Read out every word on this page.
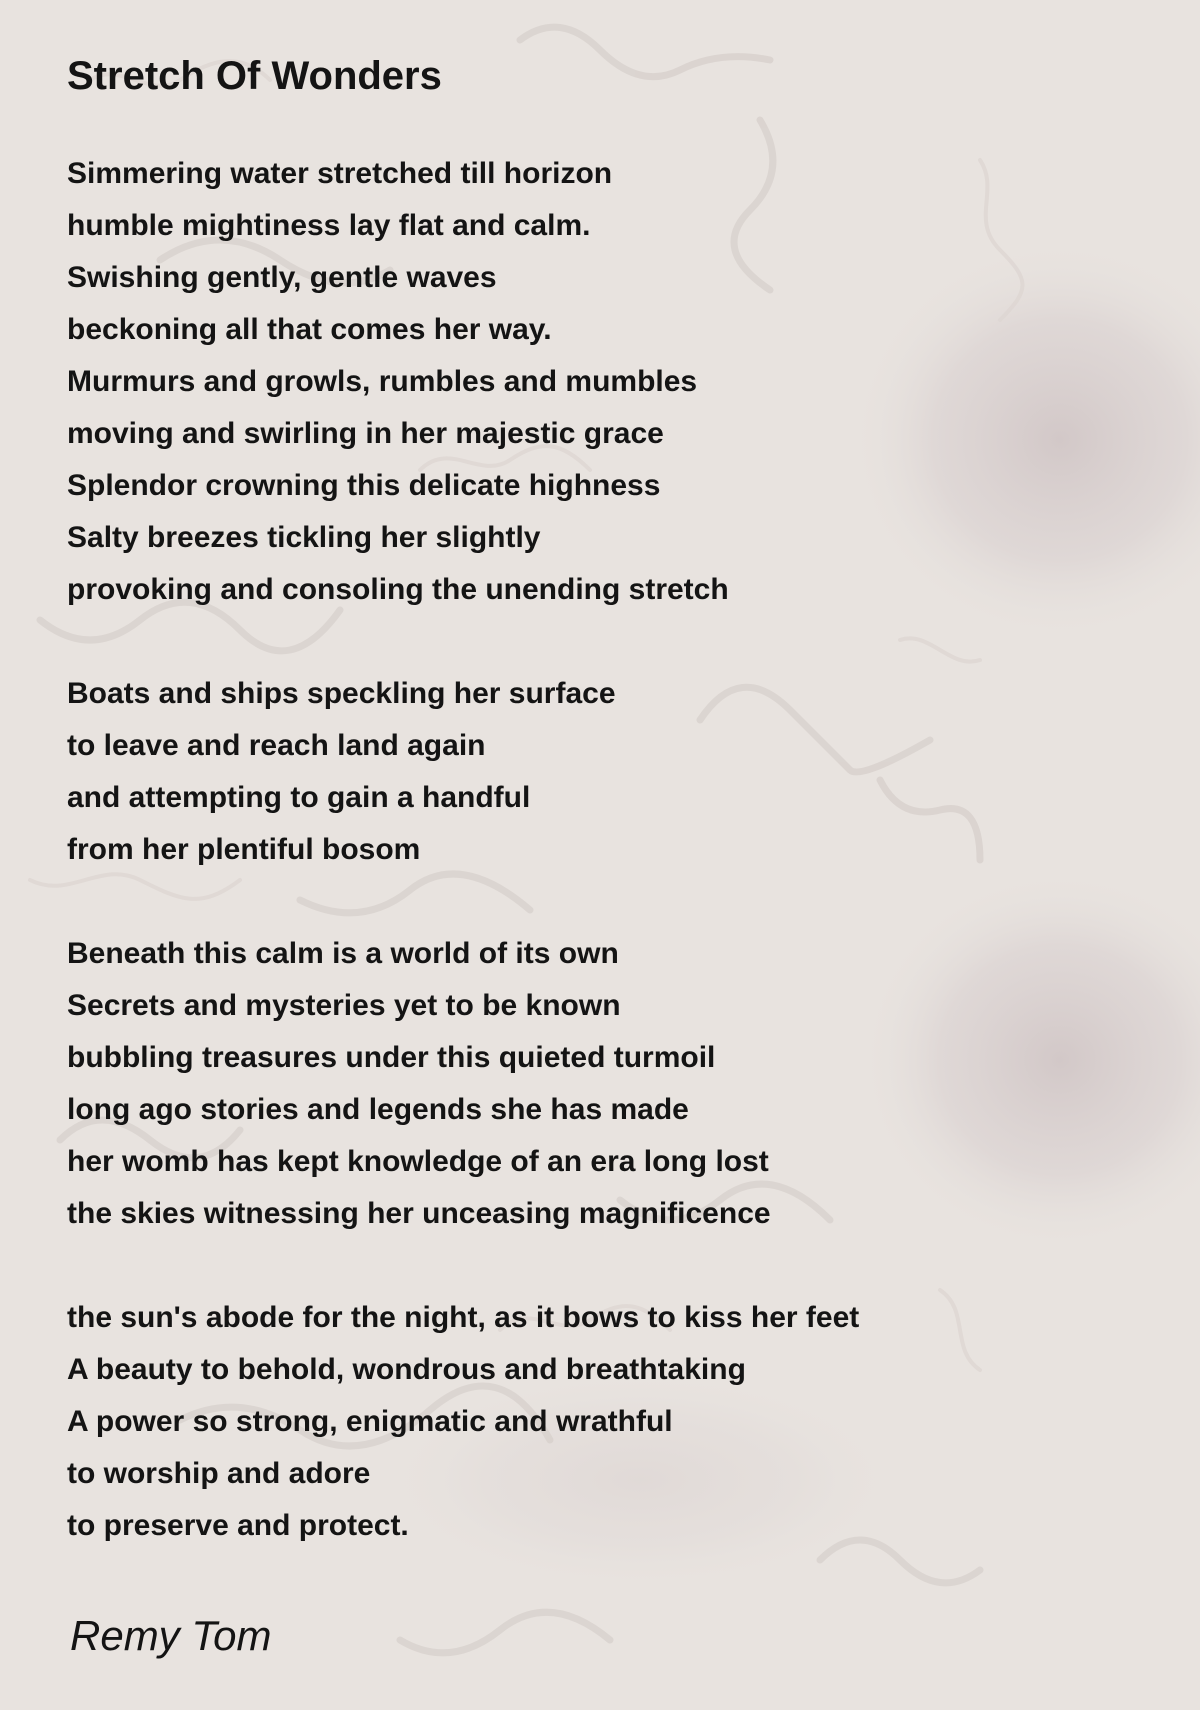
Stretch Of Wonders
Simmering water stretched till horizon
humble mightiness lay flat and calm.
Swishing gently, gentle waves
beckoning all that comes her way.
Murmurs and growls, rumbles and mumbles
moving and swirling in her majestic grace
Splendor crowning this delicate highness
Salty breezes tickling her slightly
provoking and consoling the unending stretch
Boats and ships speckling her surface
to leave and reach land again
and attempting to gain a handful
from her plentiful bosom
Beneath this calm is a world of its own
Secrets and mysteries yet to be known
bubbling treasures under this quieted turmoil
long ago stories and legends she has made
her womb has kept knowledge of an era long lost
the skies witnessing her unceasing magnificence
the sun's abode for the night, as it bows to kiss her feet
A beauty to behold, wondrous and breathtaking
A power so strong, enigmatic and wrathful
to worship and adore
to preserve and protect.
Remy Tom
